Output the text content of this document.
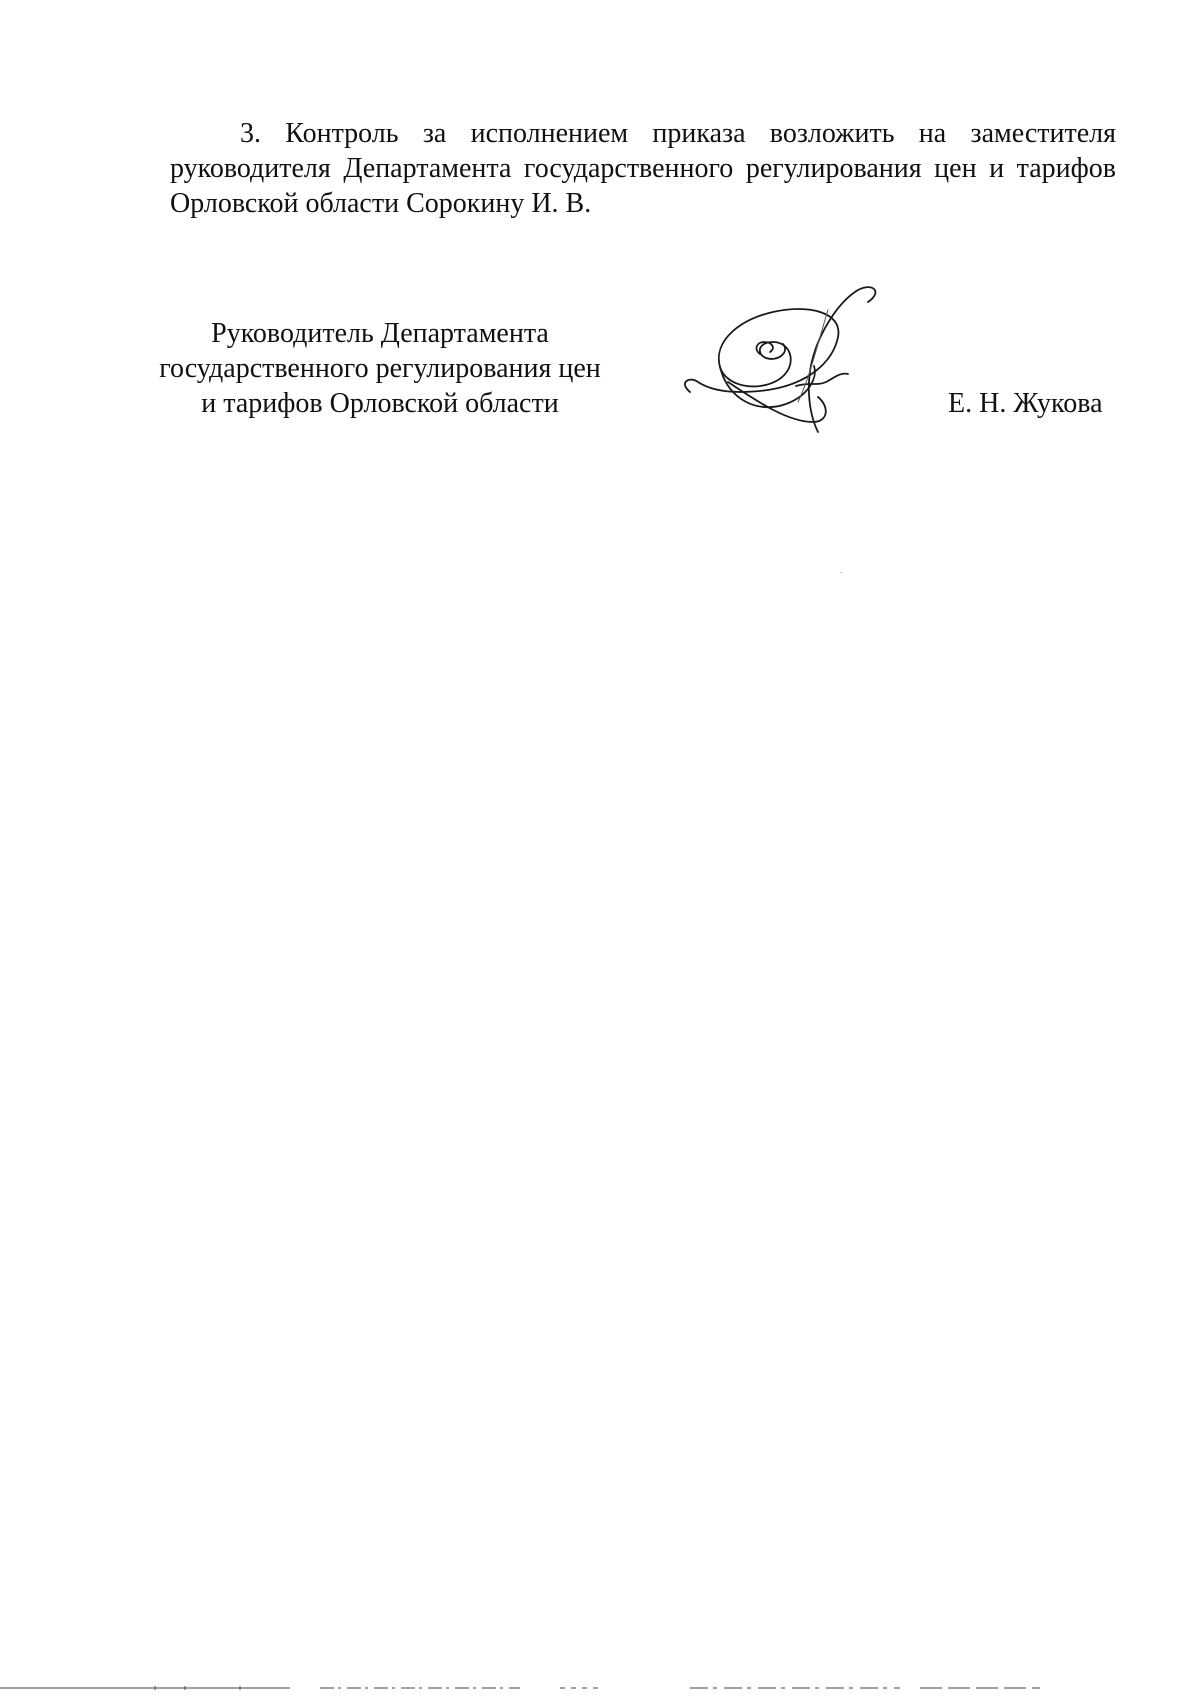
3. Контроль за исполнением приказа возложить на заместителя руководителя Департамента государственного регулирования цен и тарифов Орловской области Сорокину И. В.

Руководитель Департамента
государственного регулирования цен
и тарифов Орловской области	Е. Н. Жукова
